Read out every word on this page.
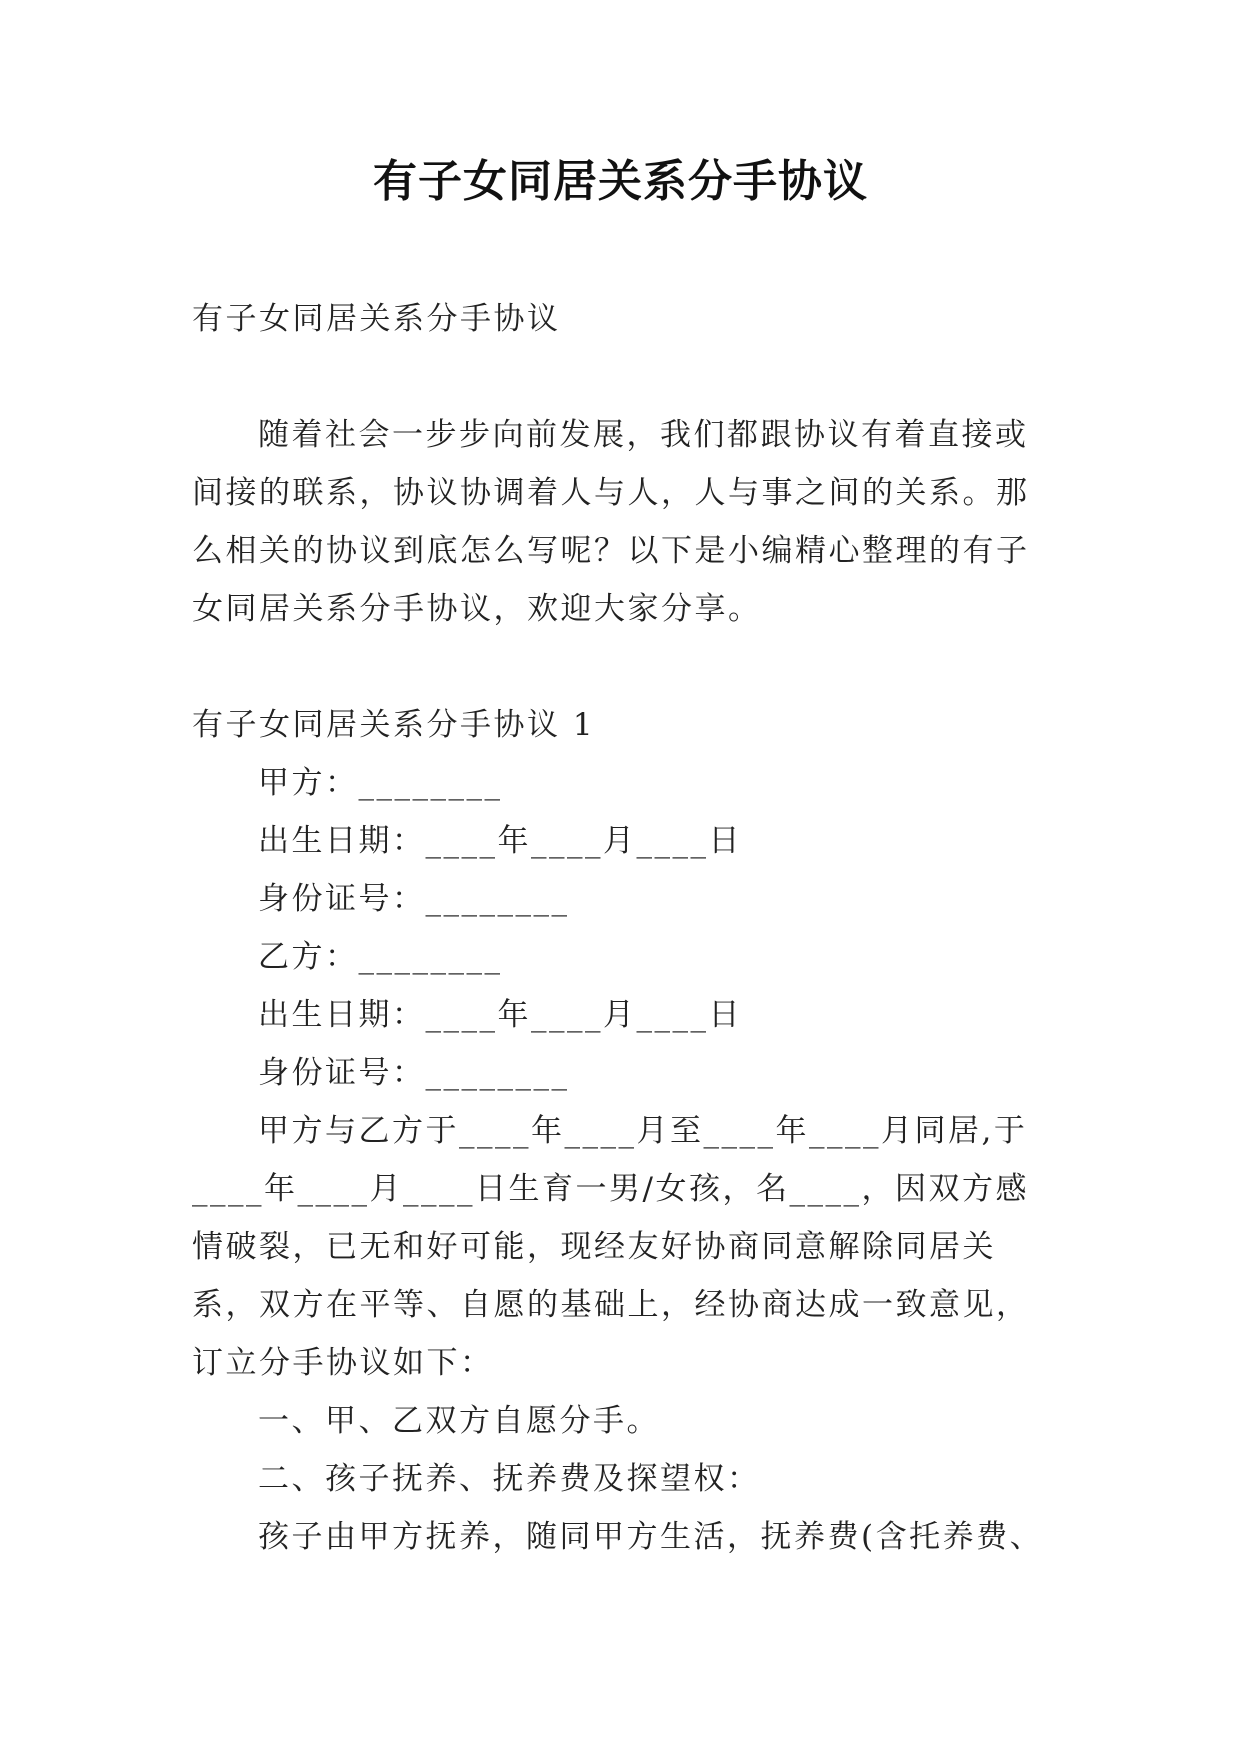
有子女同居关系分手协议

有子女同居关系分手协议

随着社会一步步向前发展，我们都跟协议有着直接或间接的联系，协议协调着人与人，人与事之间的关系。那么相关的协议到底怎么写呢？以下是小编精心整理的有子女同居关系分手协议，欢迎大家分享。

有子女同居关系分手协议 1

甲方：________

出生日期：____年____月____日

身份证号：________

乙方：________

出生日期：____年____月____日

身份证号：________

甲方与乙方于____年____月至____年____月同居,于____年____月____日生育一男/女孩，名____，因双方感情破裂，已无和好可能，现经友好协商同意解除同居关系，双方在平等、自愿的基础上，经协商达成一致意见，订立分手协议如下：

一、甲、乙双方自愿分手。

二、孩子抚养、抚养费及探望权：

孩子由甲方抚养，随同甲方生活，抚养费(含托养费、
